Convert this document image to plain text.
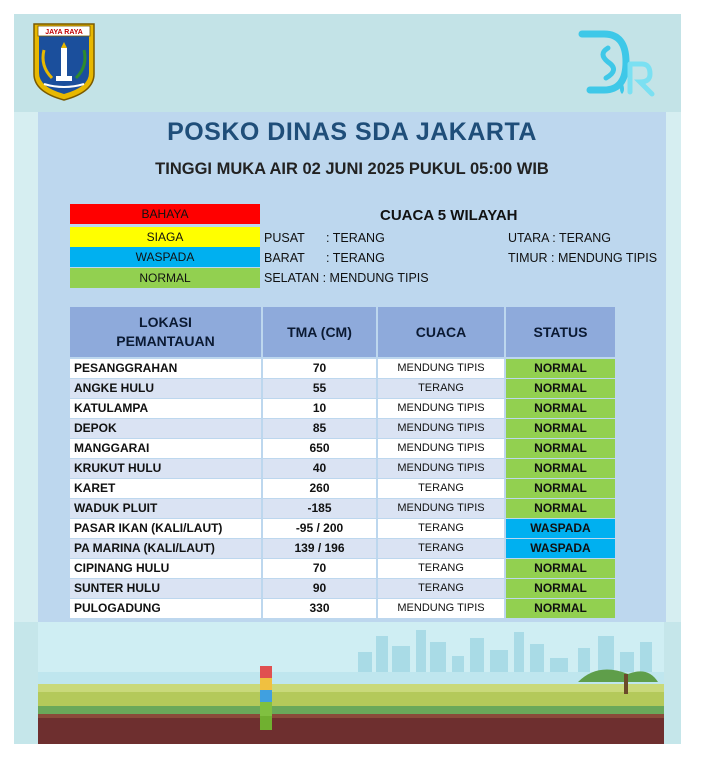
JAYA RAYA
DSR
POSKO DINAS SDA JAKARTA
TINGGI MUKA AIR 02 JUNI 2025 PUKUL 05:00 WIB
BAHAYA
SIAGA
WASPADA
NORMAL
CUACA 5 WILAYAH
PUSAT : TERANG	UTARA : TERANG
BARAT : TERANG	TIMUR : MENDUNG TIPIS
SELATAN : MENDUNG TIPIS
LOKASI
PEMANTAUAN
TMA (CM)	CUACA	STATUS
PESANGGRAHAN	70	MENDUNG TIPIS	NORMAL
ANGKE HULU	55	TERANG	NORMAL
KATULAMPA	10	MENDUNG TIPIS	NORMAL
DEPOK	85	MENDUNG TIPIS	NORMAL
MANGGARAI	650	MENDUNG TIPIS	NORMAL
KRUKUT HULU	40	MENDUNG TIPIS	NORMAL
KARET	260	TERANG	NORMAL
WADUK PLUIT	-185	MENDUNG TIPIS	NORMAL
PASAR IKAN (KALI/LAUT)	-95 / 200	TERANG	WASPADA
PA MARINA (KALI/LAUT)	139 / 196	TERANG	WASPADA
CIPINANG HULU	70	TERANG	NORMAL
SUNTER HULU	90	TERANG	NORMAL
PULOGADUNG	330	MENDUNG TIPIS	NORMAL
